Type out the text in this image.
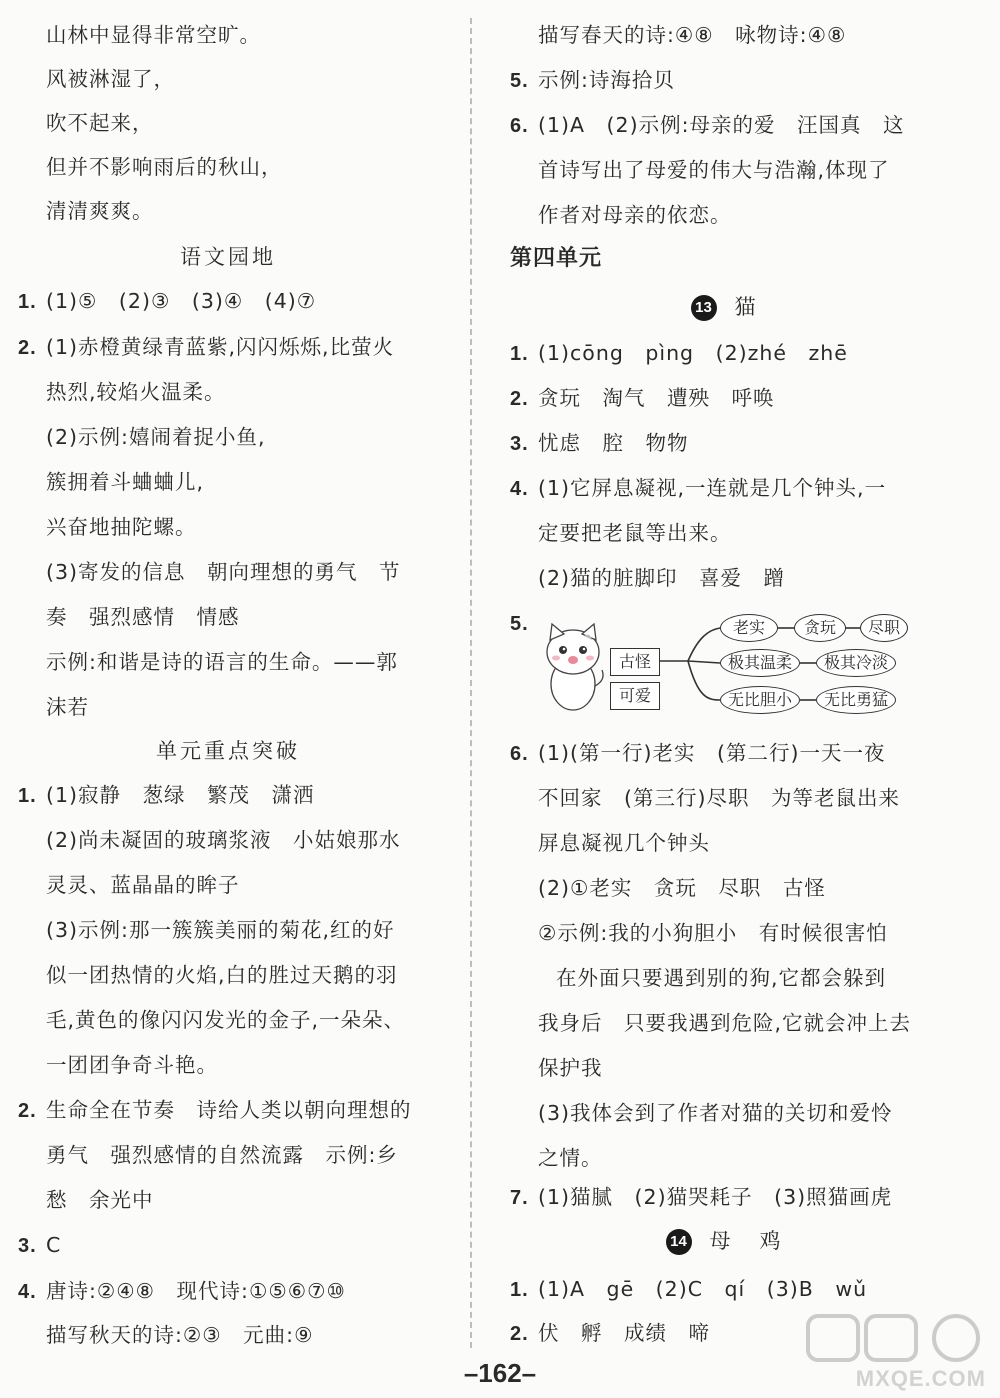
山林中显得非常空旷。
风被淋湿了，
吹不起来，
但并不影响雨后的秋山，
清清爽爽。
语文园地
1. (1)⑤　(2)③　(3)④　(4)⑦
2. (1)赤橙黄绿青蓝紫,闪闪烁烁,比萤火
热烈,较焰火温柔。
(2)示例:嬉闹着捉小鱼,
簇拥着斗蛐蛐儿,
兴奋地抽陀螺。
(3)寄发的信息　朝向理想的勇气　节
奏　强烈感情　情感
示例:和谐是诗的语言的生命。——郭
沫若
单元重点突破
1. (1)寂静　葱绿　繁茂　潇洒
(2)尚未凝固的玻璃浆液　小姑娘那水
灵灵、蓝晶晶的眸子
(3)示例:那一簇簇美丽的菊花,红的好
似一团热情的火焰,白的胜过天鹅的羽
毛,黄色的像闪闪发光的金子,一朵朵、
一团团争奇斗艳。
2. 生命全在节奏　诗给人类以朝向理想的
勇气　强烈感情的自然流露　示例:乡
愁　余光中
3. C
4. 唐诗:②④⑧　现代诗:①⑤⑥⑦⑩
描写秋天的诗:②③　元曲:⑨
描写春天的诗:④⑧　咏物诗:④⑧
5. 示例:诗海拾贝
6. (1)A　(2)示例:母亲的爱　汪国真　这
首诗写出了母爱的伟大与浩瀚,体现了
作者对母亲的依恋。
第四单元
13 猫
1. (1)cōng　pìng　(2)zhé　zhē
2. 贪玩　淘气　遭殃　呼唤
3. 忧虑　腔　物物
4. (1)它屏息凝视,一连就是几个钟头,一
定要把老鼠等出来。
(2)猫的脏脚印　喜爱　蹭
5.
古怪
可爱
老实	贪玩	尽职
极其温柔	极其冷淡
无比胆小	无比勇猛
6. (1)(第一行)老实　(第二行)一天一夜
不回家　(第三行)尽职　为等老鼠出来
屏息凝视几个钟头
(2)①老实　贪玩　尽职　古怪
②示例:我的小狗胆小　有时候很害怕
在外面只要遇到别的狗,它都会躲到
我身后　只要我遇到危险,它就会冲上去
保护我
(3)我体会到了作者对猫的关切和爱怜
之情。
7. (1)猫腻　(2)猫哭耗子　(3)照猫画虎
14 母　鸡
1. (1)A　gē　(2)C　qí　(3)B　wǔ
2. 伏　孵　成绩　啼
–162–	MXQE.COM
